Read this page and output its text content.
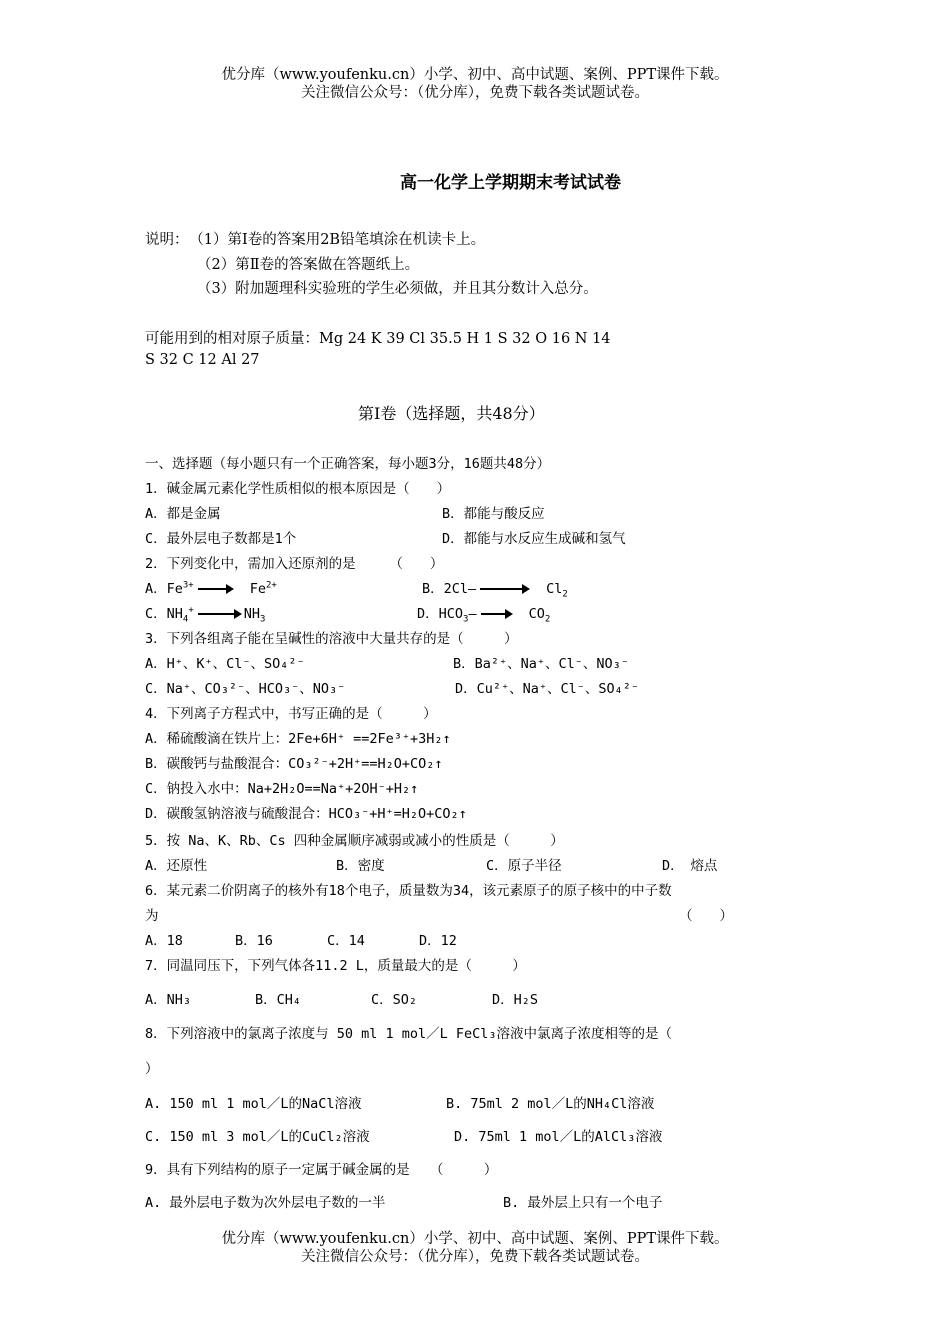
优分库（www.youfenku.cn）小学、初中、高中试题、案例、PPT课件下载。
关注微信公众号：（优分库），免费下载各类试题试卷。
高一化学上学期期末考试试卷
说明： （1）第Ⅰ卷的答案用2B铅笔填涂在机读卡上。
（2）第Ⅱ卷的答案做在答题纸上。
（3）附加题理科实验班的学生必须做，并且其分数计入总分。
可能用到的相对原子质量：Mg 24 K 39 Cl 35.5 H 1 S 32 O 16 N 14
S 32 C 12 Al 27
第Ⅰ卷（选择题，共48分）
一、选择题（每小题只有一个正确答案，每小题3分，16题共48分）
1．碱金属元素化学性质相似的根本原因是（　　）
A．都是金属	B．都能与酸反应
C．最外层电子数都是1个	D．都能与水反应生成碱和氢气
2．下列变化中，需加入还原剂的是　　　（　　）
A．$Fe^{3+} \to Fe^{2+}$	B．2Cl— → $Cl_2$
C．$NH_4^+ \to NH_3$	D．$HCO_3— \to CO_2$
3．下列各组离子能在呈碱性的溶液中大量共存的是（　　　）
A．H⁺、K⁺、Cl⁻、SO₄²⁻	B．Ba²⁺、Na⁺、Cl⁻、NO₃⁻
C．Na⁺、CO₃²⁻、HCO₃⁻、NO₃⁻	D．Cu²⁺、Na⁺、Cl⁻、SO₄²⁻
4．下列离子方程式中，书写正确的是（　　　）
A．稀硫酸滴在铁片上：2Fe+6H⁺ ==2Fe³⁺+3H₂↑
B．碳酸钙与盐酸混合：CO₃²⁻+2H⁺==H₂O+CO₂↑
C．钠投入水中：Na+2H₂O==Na⁺+2OH⁻+H₂↑
D．碳酸氢钠溶液与硫酸混合：HCO₃⁻+H⁺=H₂O+CO₂↑
5．按 Na、K、Rb、Cs 四种金属顺序减弱或减小的性质是（　　　）
A．还原性	B．密度	C．原子半径	D．　熔点
6．某元素二价阴离子的核外有18个电子，质量数为34，该元素原子的原子核中的中子数
为	（　　）
A．18	B．16	C．14	D．12
7．同温同压下，下列气体各11.2 L，质量最大的是（　　　）
A．NH₃	B．CH₄	C．SO₂	D．H₂S
8．下列溶液中的氯离子浓度与 50 ml 1 mol／L FeCl₃溶液中氯离子浓度相等的是（
）
A. 150 ml 1 mol／L的NaCl溶液	B. 75ml 2 mol／L的NH₄Cl溶液
C. 150 ml 3 mol／L的CuCl₂溶液	D. 75ml 1 mol／L的AlCl₃溶液
9．具有下列结构的原子一定属于碱金属的是　　（　　　）
A. 最外层电子数为次外层电子数的一半	B. 最外层上只有一个电子
优分库（www.youfenku.cn）小学、初中、高中试题、案例、PPT课件下载。
关注微信公众号：（优分库），免费下载各类试题试卷。
